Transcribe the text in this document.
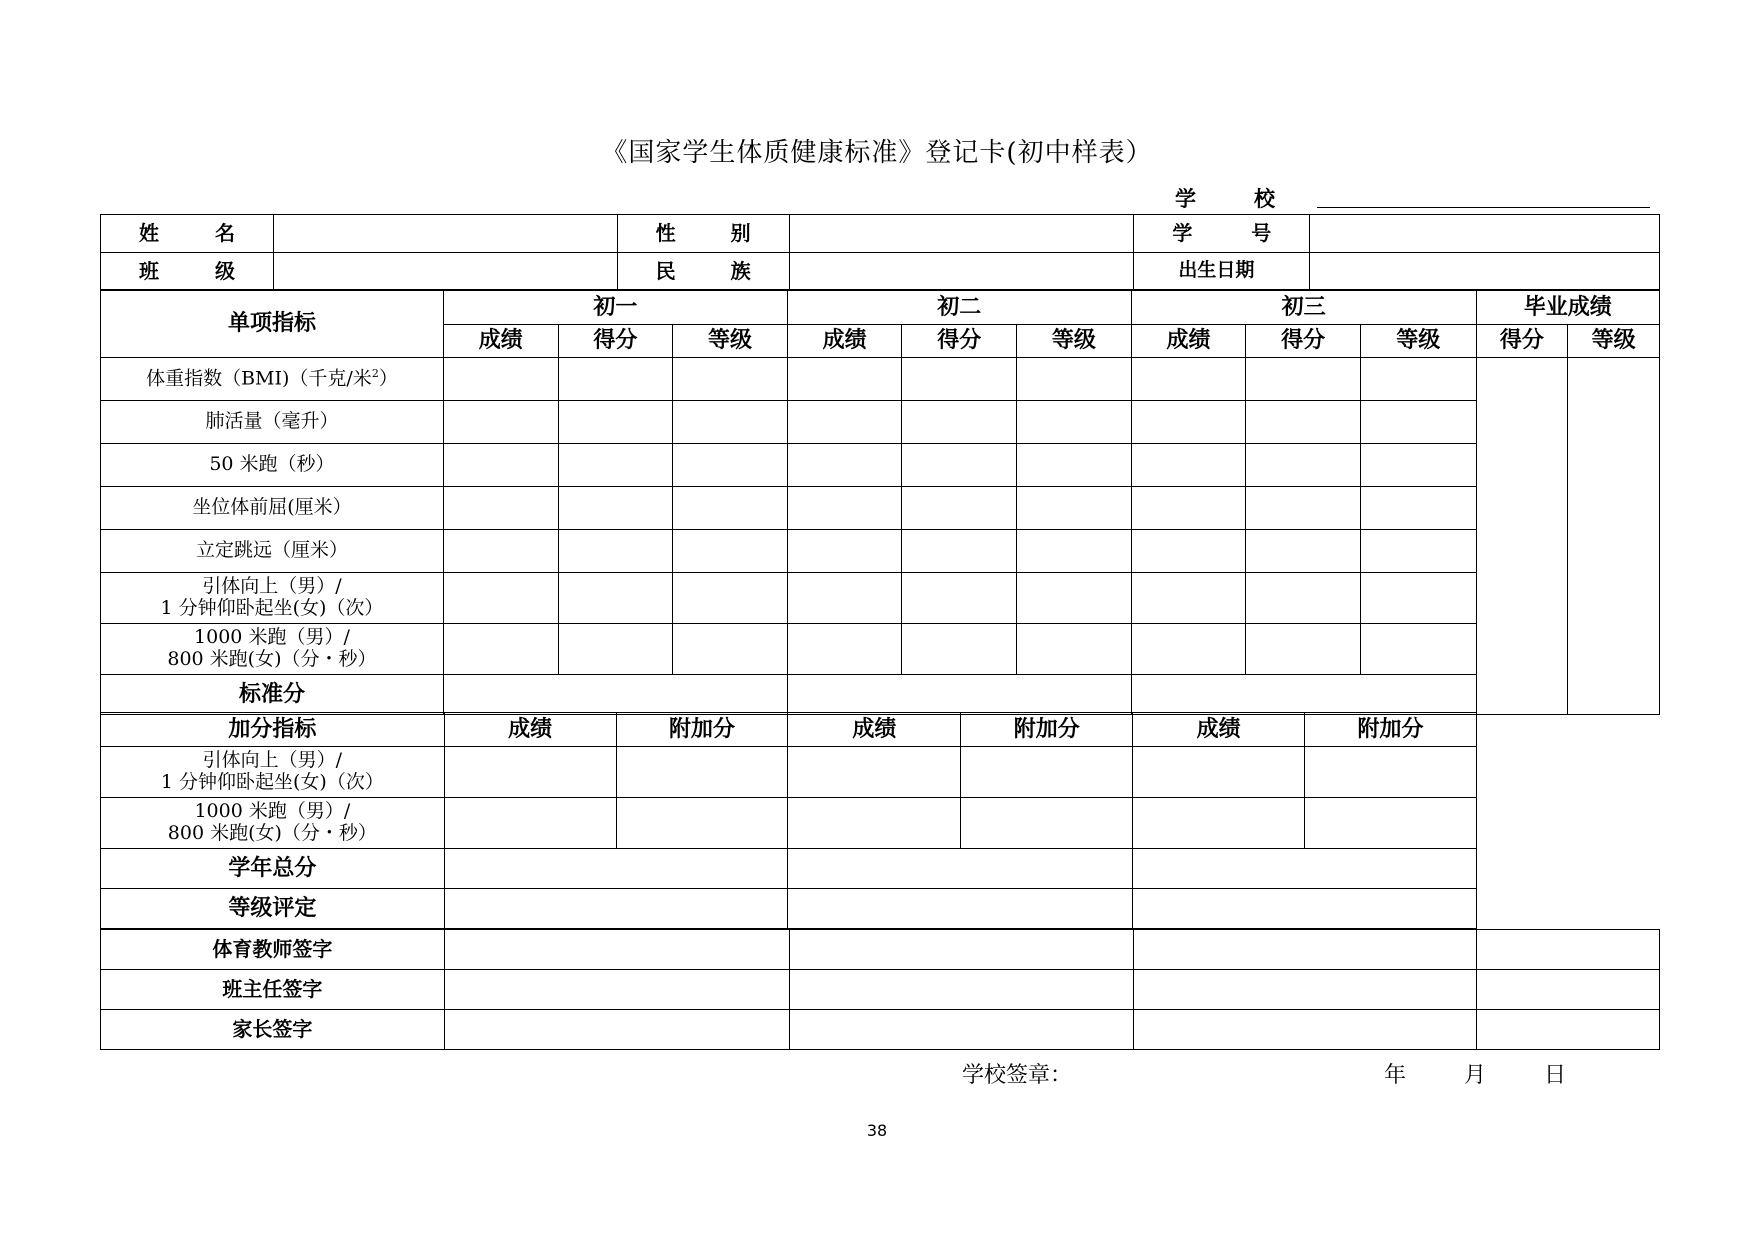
《国家学生体质健康标准》登记卡(初中样表）
学	校
姓 名		性 别		学 号	

班 级		民 族		出生日期	
单项指标	初一			初二			初三			毕业成绩	
	成绩	得分	等级	成绩	得分	等级	成绩	得分	等级	得分	等级
体重指数（BMI)（千克/米$^2$）											
肺活量（毫升）											
50 米跑（秒）											
坐位体前屈(厘米）											
立定跳远（厘米）											

引体向上（男）/
1 分钟仰卧起坐(女)（次）											

1000 米跑（男）/
800 米跑(女)（分・秒）											

标准分											
加分指标	成绩	附加分	成绩	附加分	成绩	附加分

引体向上（男）/
1 分钟仰卧起坐(女)（次）						

1000 米跑（男）/
800 米跑(女)（分・秒）						

学年总分						
等级评定						
体育教师签字				
班主任签字				
家长签字				
学校签章：	年	月	日
38
